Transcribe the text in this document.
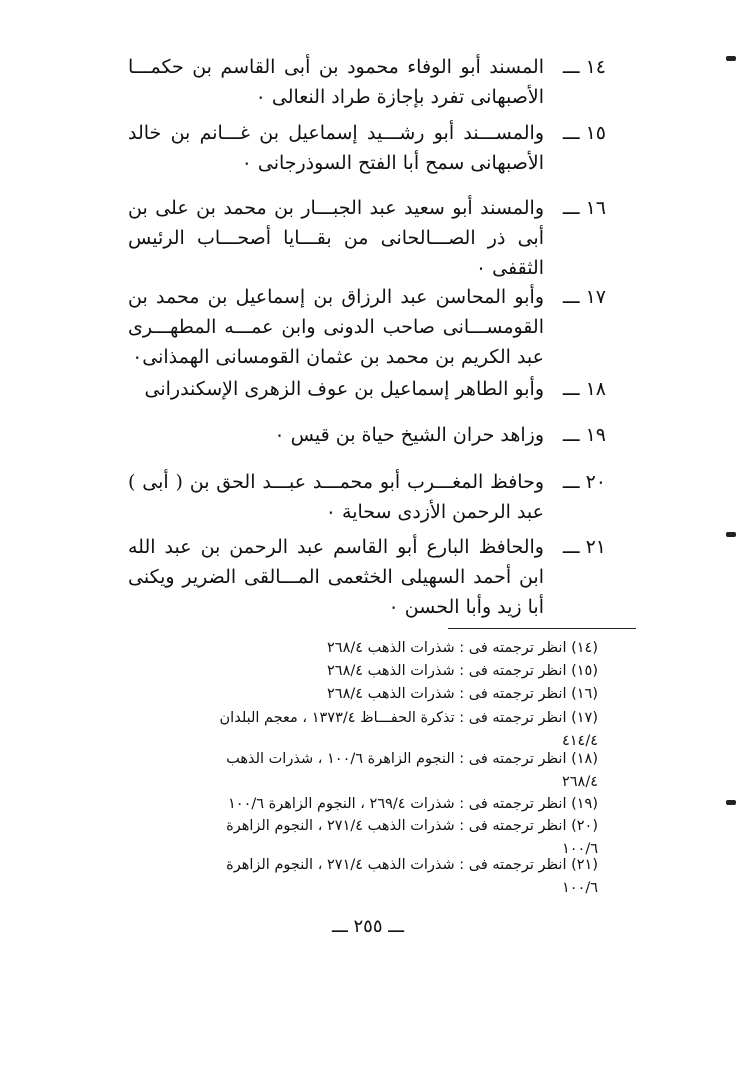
١٤ ـــ
المسند أبو الوفاء محمود بن أبى القاسم بن حكمـــا
الأصبهانى تفرد بإجازة طراد النعالى ٠
١٥ ـــ
والمســـند أبو رشـــيد إسماعيل بن غـــانم بن خالد
الأصبهانى سمح أبا الفتح السوذرجانى ٠
١٦ ـــ
والمسند أبو سعيد عبد الجبـــار بن محمد بن على بن
أبى ذر الصـــالحانى من بقـــايا أصحـــاب الرئيس
الثقفى ٠
١٧ ـــ
وأبو المحاسن عبد الرزاق بن إسماعيل بن محمد بن
القومســـانى صاحب الدونى وابن عمـــه المطهـــرى
عبد الكريم بن محمد بن عثمان القومسانى الهمذانى٠
١٨ ـــ
وأبو الطاهر إسماعيل بن عوف الزهرى الإسكندرانى
١٩ ـــ
وزاهد حران الشيخ حياة بن قيس ٠
٢٠ ـــ
وحافظ المغـــرب أبو محمـــد عبـــد الحق بن ( أبى )
عبد الرحمن الأزدى سحاية ٠
٢١ ـــ
والحافظ البارع أبو القاسم عبد الرحمن بن عبد الله
ابن أحمد السهيلى الخثعمى المـــالقى الضرير ويكنى
أبا زيد وأبا الحسن ٠
(١٤) انظر ترجمته فى : شذرات الذهب ٢٦٨/٤
(١٥) انظر ترجمته فى : شذرات الذهب ٢٦٨/٤
(١٦) انظر ترجمته فى : شذرات الذهب ٢٦٨/٤
(١٧) انظر ترجمته فى : تذكرة الحفـــاظ ١٣٧٣/٤ ، معجم البلدان
٤١٤/٤
(١٨) انظر ترجمته فى : النجوم الزاهرة ١٠٠/٦ ، شذرات الذهب
٢٦٨/٤
(١٩) انظر ترجمته فى : شذرات ٢٦٩/٤ ، النجوم الزاهرة ١٠٠/٦
(٢٠) انظر ترجمته فى : شذرات الذهب ٢٧١/٤ ، النجوم الزاهرة
١٠٠/٦
(٢١) انظر ترجمته فى : شذرات الذهب ٢٧١/٤ ، النجوم الزاهرة
١٠٠/٦
ـــ ٢٥٥ ـــ
